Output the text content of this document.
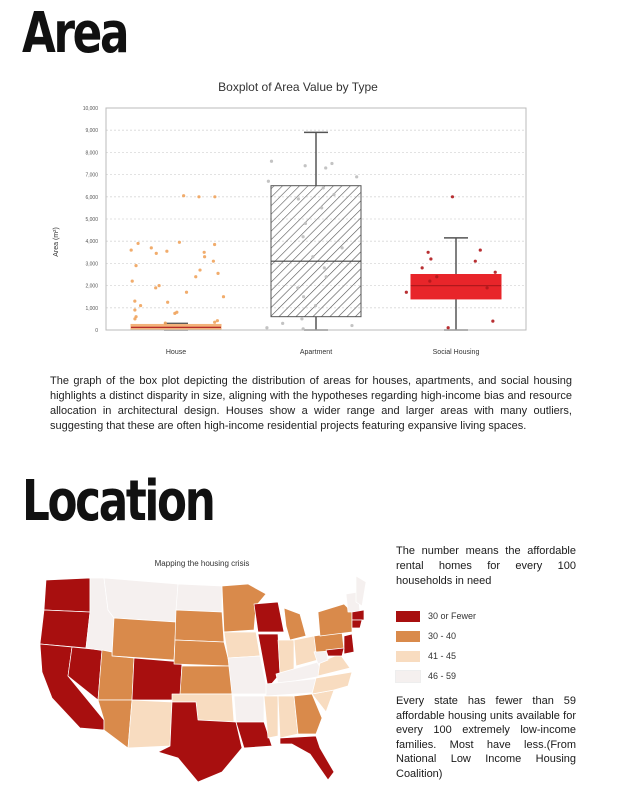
Area
Boxplot of Area Value by Type
Area (m²)
0
1,000
2,000
3,000
4,000
5,000
6,000
7,000
8,000
9,000
10,000
House	Apartment	Social Housing

The graph of the box plot depicting the distribution of areas for houses, apartments, and social housing highlights a distinct disparity in size, aligning with the hypotheses regarding high-income bias and resource allocation in architectural design. Houses show a wider range and larger areas with many outliers, suggesting that these are often high-income residential projects featuring expansive living spaces.

Location
Mapping the housing crisis

The number means the affordable rental homes for every 100 households in need

30 or Fewer
30 - 40
41 - 45
46 - 59

Every state has fewer than 59 affordable housing units available for every 100 extremely low-income families. Most have less.(From National Low Income Housing Coalition)
